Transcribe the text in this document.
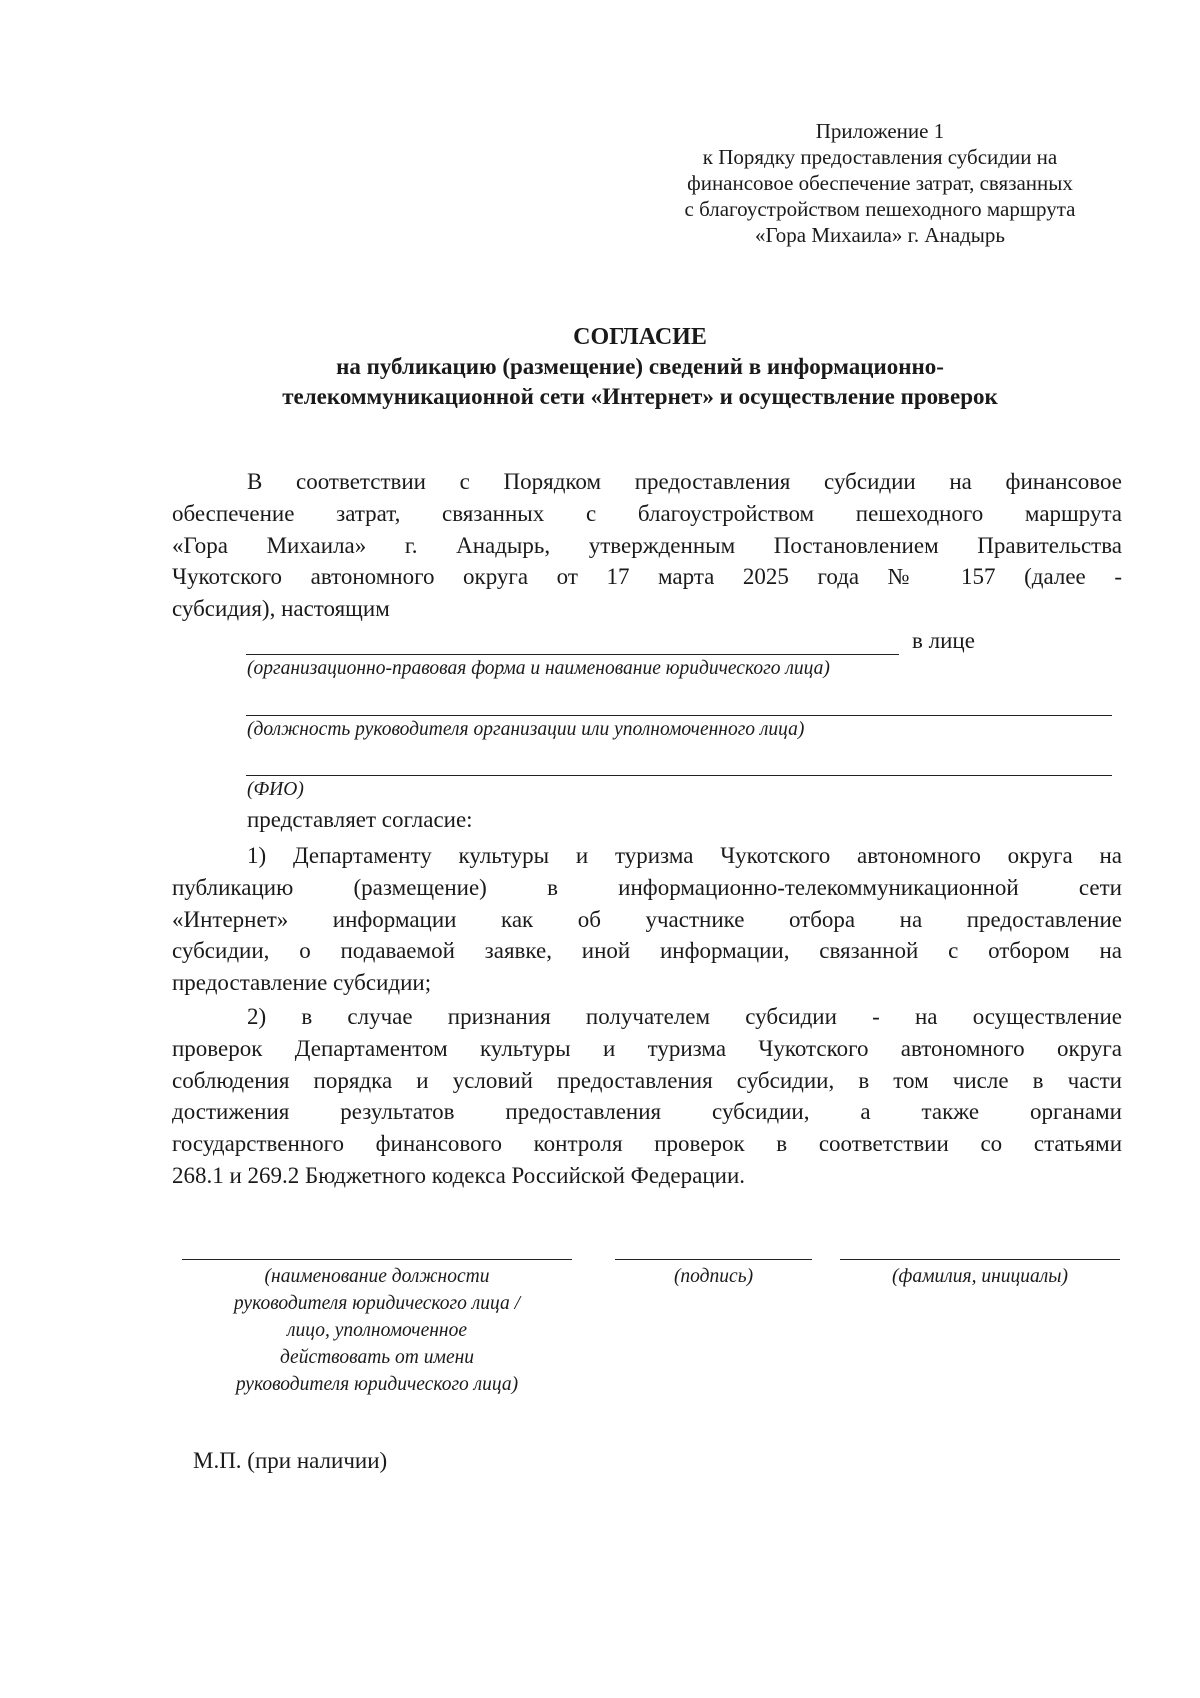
Приложение 1
к Порядку предоставления субсидии на
финансовое обеспечение затрат, связанных
с благоустройством пешеходного маршрута
«Гора Михаила» г. Анадырь
СОГЛАСИЕ
на публикацию (размещение) сведений в информационно-
телекоммуникационной сети «Интернет» и осуществление проверок
В соответствии с Порядком предоставления субсидии на финансовое
обеспечение затрат, связанных с благоустройством пешеходного маршрута
«Гора Михаила» г. Анадырь, утвержденным Постановлением Правительства
Чукотского автономного округа от 17 марта 2025 года № 157 (далее -
субсидия), настоящим
в лице
(организационно-правовая форма и наименование юридического лица)
(должность руководителя организации или уполномоченного лица)
(ФИО)
представляет согласие:
1) Департаменту культуры и туризма Чукотского автономного округа на
публикацию (размещение) в информационно-телекоммуникационной сети
«Интернет» информации как об участнике отбора на предоставление
субсидии, о подаваемой заявке, иной информации, связанной с отбором на
предоставление субсидии;
2) в случае признания получателем субсидии - на осуществление
проверок Департаментом культуры и туризма Чукотского автономного округа
соблюдения порядка и условий предоставления субсидии, в том числе в части
достижения результатов предоставления субсидии, а также органами
государственного финансового контроля проверок в соответствии со статьями
268.1 и 269.2 Бюджетного кодекса Российской Федерации.
(наименование должности
руководителя юридического лица /
лицо, уполномоченное
действовать от имени
руководителя юридического лица)
(подпись)	(фамилия, инициалы)
М.П. (при наличии)
